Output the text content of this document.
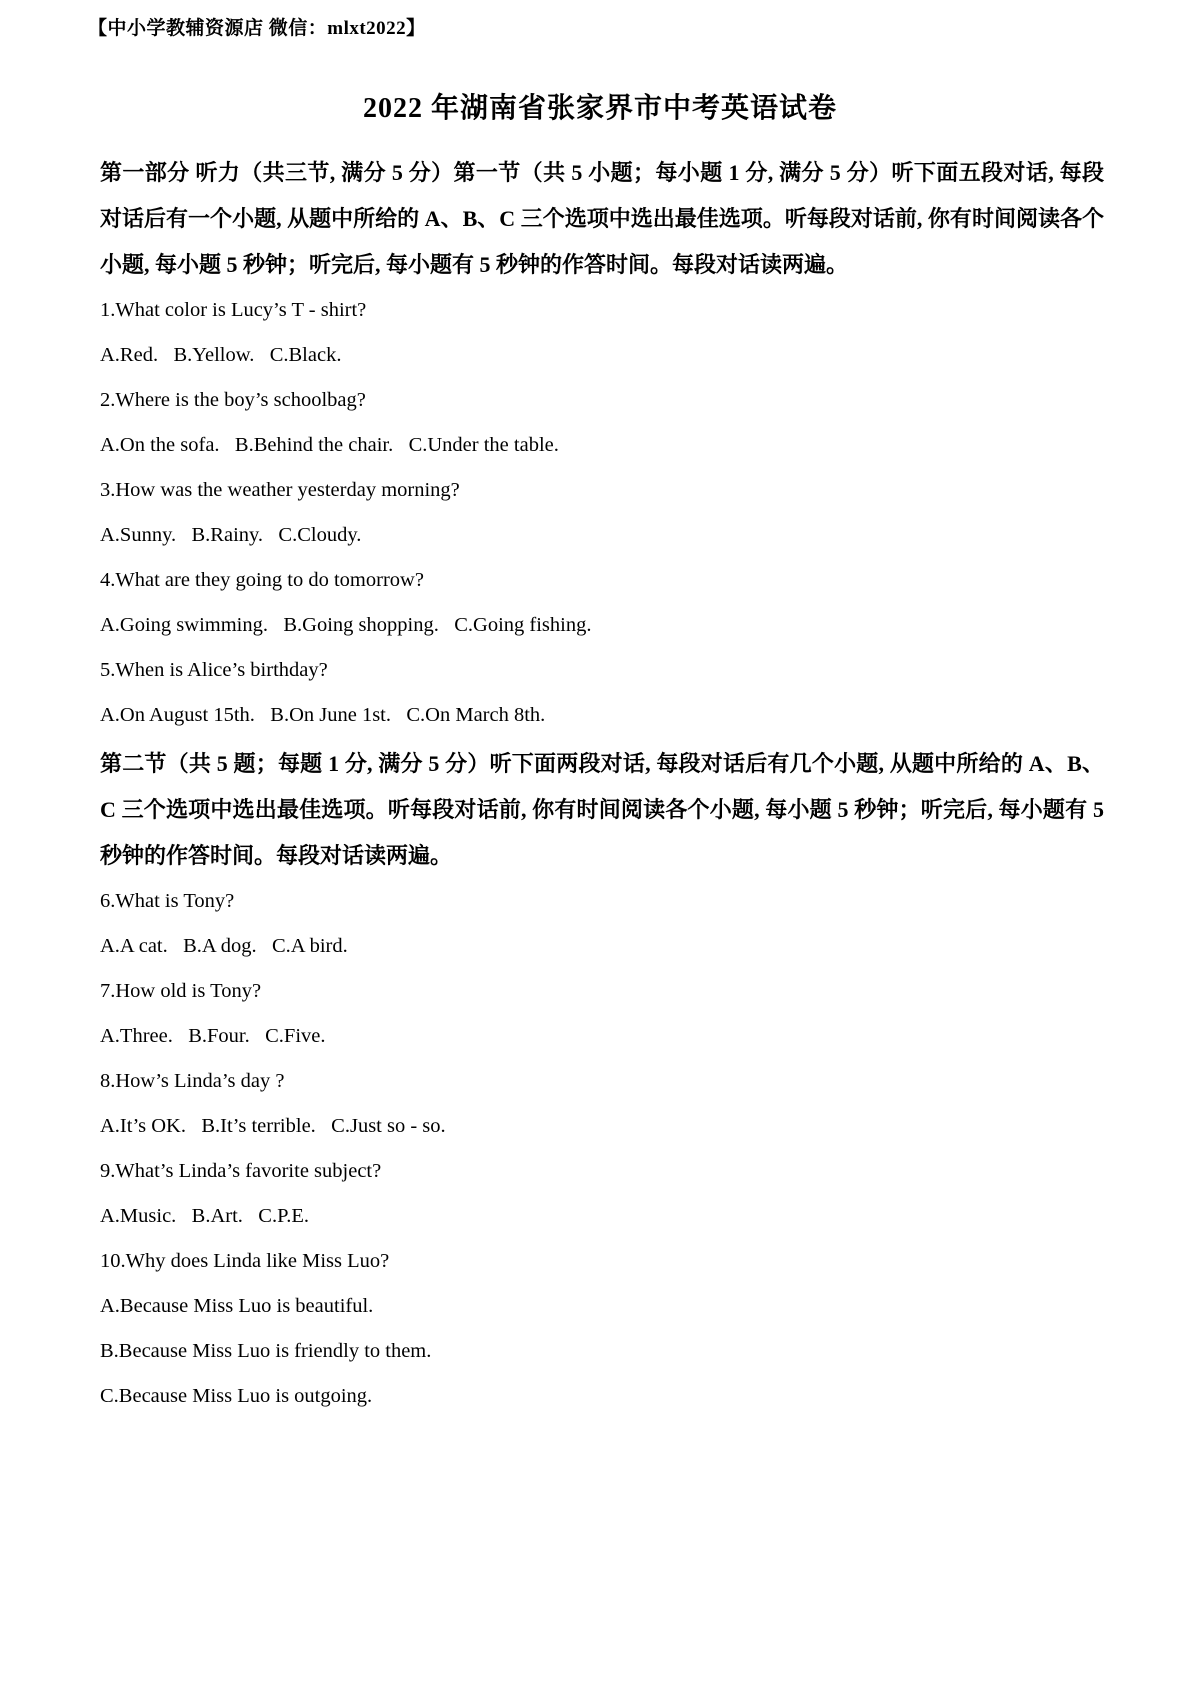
【中小学教辅资源店 微信：mlxt2022】
2022 年湖南省张家界市中考英语试卷

第一部分 听力（共三节, 满分 5 分）第一节（共 5 小题；每小题 1 分, 满分 5 分）听下面五段对话, 每段对话后有一个小题, 从题中所给的 A、B、C 三个选项中选出最佳选项。听每段对话前, 你有时间阅读各个小题, 每小题 5 秒钟；听完后, 每小题有 5 秒钟的作答时间。每段对话读两遍。

1.What color is Lucy’s T - shirt?
A.Red.   B.Yellow.   C.Black.
2.Where is the boy’s schoolbag?
A.On the sofa.   B.Behind the chair.   C.Under the table.
3.How was the weather yesterday morning?
A.Sunny.   B.Rainy.   C.Cloudy.
4.What are they going to do tomorrow?
A.Going swimming.   B.Going shopping.   C.Going fishing.
5.When is Alice’s birthday?
A.On August 15th.   B.On June 1st.   C.On March 8th.

第二节（共 5 题；每题 1 分, 满分 5 分）听下面两段对话, 每段对话后有几个小题, 从题中所给的 A、B、C 三个选项中选出最佳选项。听每段对话前, 你有时间阅读各个小题, 每小题 5 秒钟；听完后, 每小题有 5 秒钟的作答时间。每段对话读两遍。

6.What is Tony?
A.A cat.   B.A dog.   C.A bird.
7.How old is Tony?
A.Three.   B.Four.   C.Five.
8.How’s Linda’s day ?
A.It’s OK.   B.It’s terrible.   C.Just so - so.
9.What’s Linda’s favorite subject?
A.Music.   B.Art.   C.P.E.
10.Why does Linda like Miss Luo?
A.Because Miss Luo is beautiful.
B.Because Miss Luo is friendly to them.
C.Because Miss Luo is outgoing.
